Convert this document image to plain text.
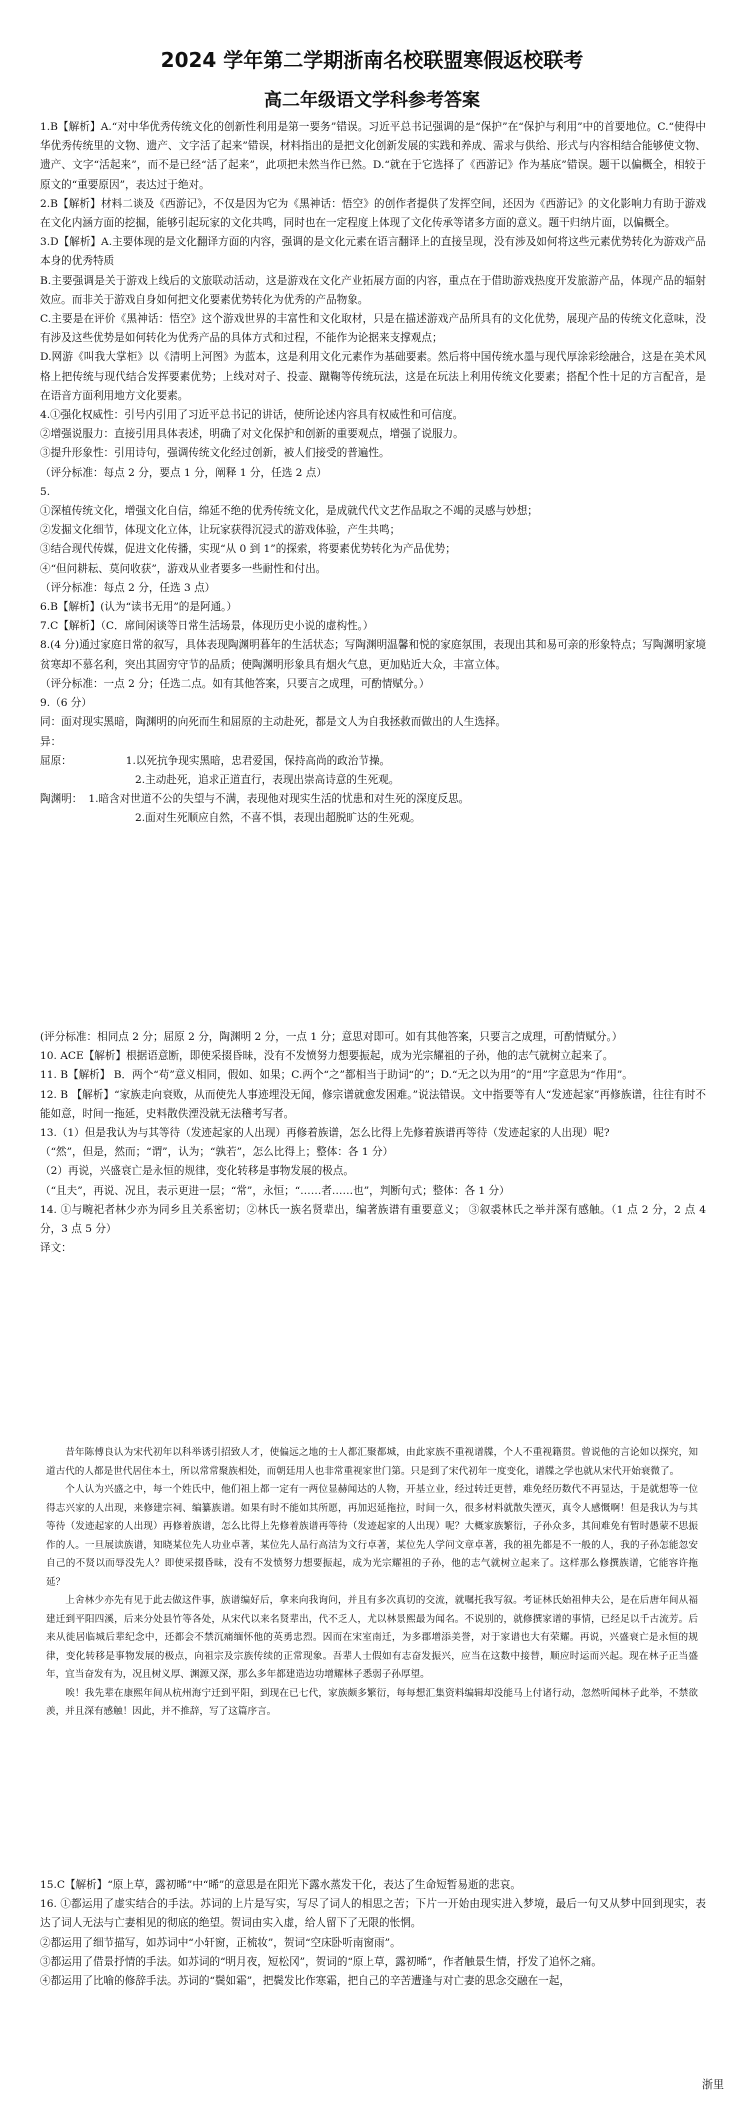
2024 学年第二学期浙南名校联盟寒假返校联考
高二年级语文学科参考答案
1.B【解析】A.“对中华优秀传统文化的创新性利用是第一要务”错误。习近平总书记强调的是“保护”在“保护与利用”中的首要地位。C.“使得中华优秀传统里的文物、遗产、文字活了起来”错误，材料指出的是把文化创新发展的实践和养成、需求与供给、形式与内容相结合能够使文物、遗产、文字“活起来”，而不是已经“活了起来”，此项把未然当作已然。D.“就在于它选择了《西游记》作为基底”错误。题干以偏概全，相较于原文的“重要原因”，表达过于绝对。
2.B【解析】材料二谈及《西游记》，不仅是因为它为《黑神话：悟空》的创作者提供了发挥空间，还因为《西游记》的文化影响力有助于游戏在文化内涵方面的挖掘，能够引起玩家的文化共鸣，同时也在一定程度上体现了文化传承等诸多方面的意义。题干归纳片面，以偏概全。
3.D【解析】A.主要体现的是文化翻译方面的内容，强调的是文化元素在语言翻译上的直接呈现，没有涉及如何将这些元素优势转化为游戏产品本身的优秀特质
B.主要强调是关于游戏上线后的文旅联动活动，这是游戏在文化产业拓展方面的内容，重点在于借助游戏热度开发旅游产品，体现产品的辐射效应。而非关于游戏自身如何把文化要素优势转化为优秀的产品物象。
C.主要是在评价《黑神话：悟空》这个游戏世界的丰富性和文化取材，只是在描述游戏产品所具有的文化优势，展现产品的传统文化意味，没有涉及这些优势是如何转化为优秀产品的具体方式和过程，不能作为论据来支撑观点；
D.网游《叫我大掌柜》以《清明上河图》为蓝本，这是利用文化元素作为基础要素。然后将中国传统水墨与现代厚涂彩绘融合，这是在美术风格上把传统与现代结合发挥要素优势；上线对对子、投壶、蹴鞠等传统玩法，这是在玩法上利用传统文化要素；搭配个性十足的方言配音，是在语音方面利用地方文化要素。
4.①强化权威性：引号内引用了习近平总书记的讲话，使所论述内容具有权威性和可信度。
②增强说服力：直接引用具体表述，明确了对文化保护和创新的重要观点，增强了说服力。
③提升形象性：引用诗句，强调传统文化经过创新，被人们接受的普遍性。
（评分标准：每点 2 分，要点 1 分，阐释 1 分，任选 2 点）
5.
①深植传统文化，增强文化自信，绵延不绝的优秀传统文化，是成就代代文艺作品取之不竭的灵感与妙想；
②发掘文化细节，体现文化立体，让玩家获得沉浸式的游戏体验，产生共鸣；
③结合现代传媒，促进文化传播，实现“从 0 到 1”的探索，将要素优势转化为产品优势；
④“但问耕耘、莫问收获”，游戏从业者要多一些耐性和付出。
（评分标准：每点 2 分，任选 3 点）
6.B【解析】(认为“读书无用”的是阿通。）
7.C【解析】（C．席间闲谈等日常生活场景，体现历史小说的虚构性。）
8.(4 分)通过家庭日常的叙写，具体表现陶渊明暮年的生活状态；写陶渊明温馨和悦的家庭氛围，表现出其和易可亲的形象特点；写陶渊明家境贫寒却不慕名利，突出其固穷守节的品质；使陶渊明形象具有烟火气息，更加贴近大众，丰富立体。
（评分标准：一点 2 分；任选二点。如有其他答案，只要言之成理，可酌情赋分。）
9.（6 分）
同：面对现实黑暗，陶渊明的向死而生和屈原的主动赴死，都是文人为自我拯救而做出的人生选择。
异：
屈原：	1.以死抗争现实黑暗，忠君爱国，保持高尚的政治节操。
2.主动赴死，追求正道直行，表现出崇高诗意的生死观。
陶渊明： 1.暗含对世道不公的失望与不满，表现他对现实生活的忧患和对生死的深度反思。
2.面对生死顺应自然，不喜不惧，表现出超脱旷达的生死观。
(评分标准：相同点 2 分；屈原 2 分，陶渊明 2 分，一点 1 分；意思对即可。如有其他答案，只要言之成理，可酌情赋分。）
10. ACE【解析】根据语意断，即使采掇昏昧，没有不发愤努力想要振起，成为光宗耀祖的子孙，他的志气就树立起来了。
11. B【解析】 B．两个“苟”意义相同，假如、如果；C.两个“之”都相当于助词“的”；D.“无之以为用”的“用”字意思为“作用”。
12. B 【解析】“家族走向衰败，从而使先人事迹埋没无闻，修宗谱就愈发困难。”说法错误。文中指要等有人“发迹起家”再修族谱，往往有时不能如意，时间一拖延，史料散佚湮没就无法稽考写者。
13.（1）但是我认为与其等待（发迹起家的人出现）再修着族谱，怎么比得上先修着族谱再等待（发迹起家的人出现）呢?
（“然”，但是，然而；“谓”，认为；“孰若”，怎么比得上；整体：各 1 分）
（2）再说，兴盛衰亡是永恒的规律，变化转移是事物发展的极点。
（“且夫”，再说、况且，表示更进一层；“常”，永恒；“……者……也”，判断句式；整体：各 1 分）
14. ①与畹祀者林少亦为同乡且关系密切；②林氏一族名贤辈出，编著族谱有重要意义； ③叙裘林氏之举并深有感触。（1 点 2 分，2 点 4 分，3 点 5 分）
译文：
昔年陈傅良认为宋代初年以科举诱引招致人才，使偏远之地的士人都汇聚都城，由此家族不重视谱牒，个人不重视籍贯。曾说他的言论如以探究，知道古代的人都是世代居住本土，所以常常聚族相处，而朝廷用人也非常重视家世门第。只是到了宋代初年一度变化，谱牒之学也就从宋代开始衰微了。
个人认为兴盛之中，每一个姓氏中，他们祖上都一定有一两位显赫闻达的人物，开基立业，经过转迁更替，难免经历数代不再显达，于是就想等一位得志兴家的人出现，来修建宗祠、编纂族谱。如果有时不能如其所愿，再加迟延拖拉，时间一久，很多材料就散失湮灭，真令人感慨啊！但是我认为与其等待（发迹起家的人出现）再修着族谱，怎么比得上先修着族谱再等待（发迹起家的人出现）呢？大概家族繁衍，子孙众多，其间难免有暂时愚蒙不思振作的人。一旦展读族谱，知晓某位先人功业卓著，某位先人品行高洁为文行卓著，某位先人学问文章卓著，我的祖先都是不一般的人，我的子孙怎能忽安自己的不贤以而辱没先人？即使采掇昏昧，没有不发愤努力想要振起，成为光宗耀祖的子孙，他的志气就树立起来了。这样那么修撰族谱，它能容许拖延？
上舍林少亦先有见于此去做这件事，族谱编好后，拿来向我询问，并且有多次真切的交流，就嘱托我写叙。考证林氏始祖伸夫公，是在后唐年间从福建迁到平阳四溪，后来分处县竹等各处，从宋代以来名贤辈出，代不乏人，尤以林景熙最为闻名。不说别的，就修撰家谱的事情，已经足以千古流芳。后来从徙居临城后辈纪念中，还都会不禁沉痛缅怀他的英勇忠烈。因而在宋室南迁，为多郡增添美誉，对于家谱也大有荣耀。再说，兴盛衰亡是永恒的规律，变化转移是事物发展的极点，向祖宗及宗族传续的正常现象。吾辈人士假如有志奋发振兴，应当在这数中接替，顺应时运而兴起。现在林子正当盛年，宜当奋发有为，况且树义厚、渊源又深，那么多年都建造边功增耀林子悉弱子孙厚望。
唉！我先辈在康熙年间从杭州海宁迁到平阳，到现在已七代，家族颇多繁衍，每每想汇集资料编辑却没能马上付诸行动，忽然听闻林子此举，不禁欲羡，并且深有感触！因此，并不推辞，写了这篇序言。
15.C【解析】“原上草，露初晞”中“晞”的意思是在阳光下露水蒸发干化，表达了生命短暂易逝的悲哀。
16. ①都运用了虚实结合的手法。苏词的上片是写实，写尽了词人的相思之苦；下片一开始由现实进入梦境，最后一句又从梦中回到现实，表达了词人无法与亡妻相见的彻底的绝望。贺词由实入虚，给人留下了无限的怅惘。
②都运用了细节描写，如苏词中“小轩窗，正梳妆”，贺词“空床卧听南窗雨”。
③都运用了借景抒情的手法。如苏词的“明月夜，短松冈”，贺词的“原上草，露初晞”，作者触景生情，抒发了追怀之痛。
④都运用了比喻的修辞手法。苏词的“鬓如霜”，把鬓发比作寒霜，把自己的辛苦遭逢与对亡妻的思念交融在一起，

浙里
